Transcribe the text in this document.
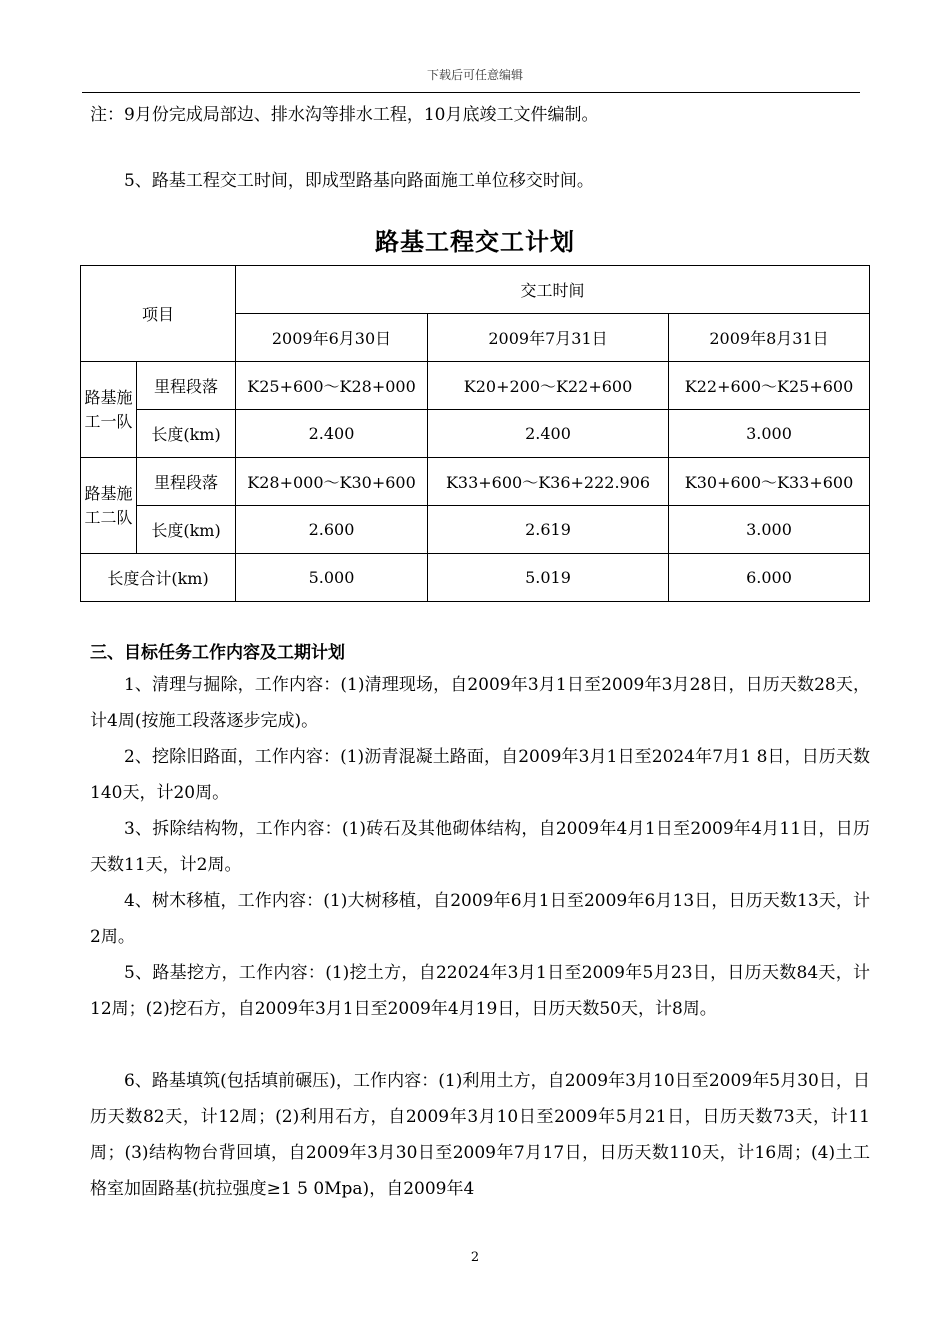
下载后可任意编辑
注：9月份完成局部边、排水沟等排水工程，10月底竣工文件编制。
5、路基工程交工时间，即成型路基向路面施工单位移交时间。
路基工程交工计划
项目		交工时间		
		2009年6月30日	2009年7月31日	2009年8月31日
路基施工一队	里程段落	K25+600～K28+000	K20+200～K22+600	K22+600～K25+600
	长度(km)	2.400	2.400	3.000
路基施工二队	里程段落	K28+000～K30+600	K33+600～K36+222.906	K30+600～K33+600
	长度(km)	2.600	2.619	3.000
长度合计(km)		5.000	5.019	6.000
三、目标任务工作内容及工期计划
1、清理与掘除，工作内容：(1)清理现场，自2009年3月1日至2009年3月28日，日历天数28天，计4周(按施工段落逐步完成)。
2、挖除旧路面，工作内容：(1)沥青混凝土路面，自2009年3月1日至2024年7月1 8日，日历天数140天，计20周。
3、拆除结构物，工作内容：(1)砖石及其他砌体结构，自2009年4月1日至2009年4月11日，日历天数11天，计2周。
4、树木移植，工作内容：(1)大树移植，自2009年6月1日至2009年6月13日，日历天数13天，计2周。
5、路基挖方，工作内容：(1)挖土方，自22024年3月1日至2009年5月23日，日历天数84天，计12周；(2)挖石方，自2009年3月1日至2009年4月19日，日历天数50天，计8周。
6、路基填筑(包括填前碾压)，工作内容：(1)利用土方，自2009年3月10日至2009年5月30日，日历天数82天，计12周；(2)利用石方，自2009年3月10日至2009年5月21日，日历天数73天，计11周；(3)结构物台背回填，自2009年3月30日至2009年7月17日，日历天数110天，计16周；(4)土工格室加固路基(抗拉强度≥1 5 0Mpa)，自2009年4
2
